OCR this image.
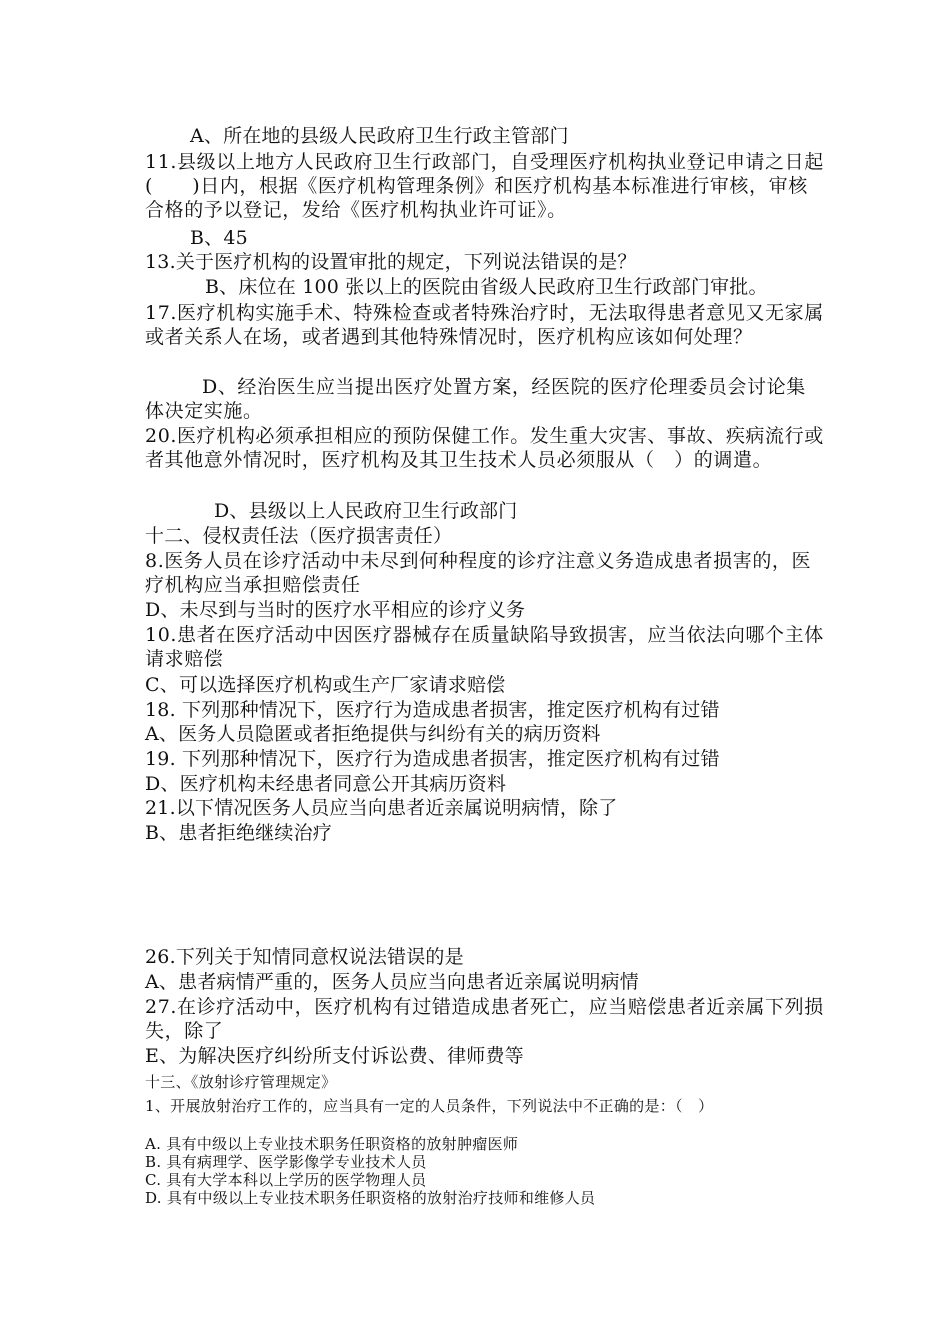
A、所在地的县级人民政府卫生行政主管部门
11.县级以上地方人民政府卫生行政部门，自受理医疗机构执业登记申请之日起(　　)日内，根据《医疗机构管理条例》和医疗机构基本标准进行审核，审核合格的予以登记，发给《医疗机构执业许可证》。
B、45
13.关于医疗机构的设置审批的规定，下列说法错误的是？
B、床位在 100 张以上的医院由省级人民政府卫生行政部门审批。
17.医疗机构实施手术、特殊检查或者特殊治疗时，无法取得患者意见又无家属或者关系人在场，或者遇到其他特殊情况时，医疗机构应该如何处理？
D、经治医生应当提出医疗处置方案，经医院的医疗伦理委员会讨论集体决定实施。
20.医疗机构必须承担相应的预防保健工作。发生重大灾害、事故、疾病流行或者其他意外情况时，医疗机构及其卫生技术人员必须服从（　）的调遣。
D、县级以上人民政府卫生行政部门
十二、侵权责任法（医疗损害责任）
8.医务人员在诊疗活动中未尽到何种程度的诊疗注意义务造成患者损害的，医疗机构应当承担赔偿责任
D、未尽到与当时的医疗水平相应的诊疗义务
10.患者在医疗活动中因医疗器械存在质量缺陷导致损害，应当依法向哪个主体请求赔偿
C、可以选择医疗机构或生产厂家请求赔偿
18. 下列那种情况下，医疗行为造成患者损害，推定医疗机构有过错
A、医务人员隐匿或者拒绝提供与纠纷有关的病历资料
19. 下列那种情况下，医疗行为造成患者损害，推定医疗机构有过错
D、医疗机构未经患者同意公开其病历资料
21.以下情况医务人员应当向患者近亲属说明病情，除了
B、患者拒绝继续治疗
26.下列关于知情同意权说法错误的是
A、患者病情严重的，医务人员应当向患者近亲属说明病情
27.在诊疗活动中，医疗机构有过错造成患者死亡，应当赔偿患者近亲属下列损失，除了
E、为解决医疗纠纷所支付诉讼费、律师费等
十三、《放射诊疗管理规定》
1、开展放射治疗工作的，应当具有一定的人员条件，下列说法中不正确的是：（　）
A. 具有中级以上专业技术职务任职资格的放射肿瘤医师
B. 具有病理学、医学影像学专业技术人员
C. 具有大学本科以上学历的医学物理人员
D. 具有中级以上专业技术职务任职资格的放射治疗技师和维修人员
